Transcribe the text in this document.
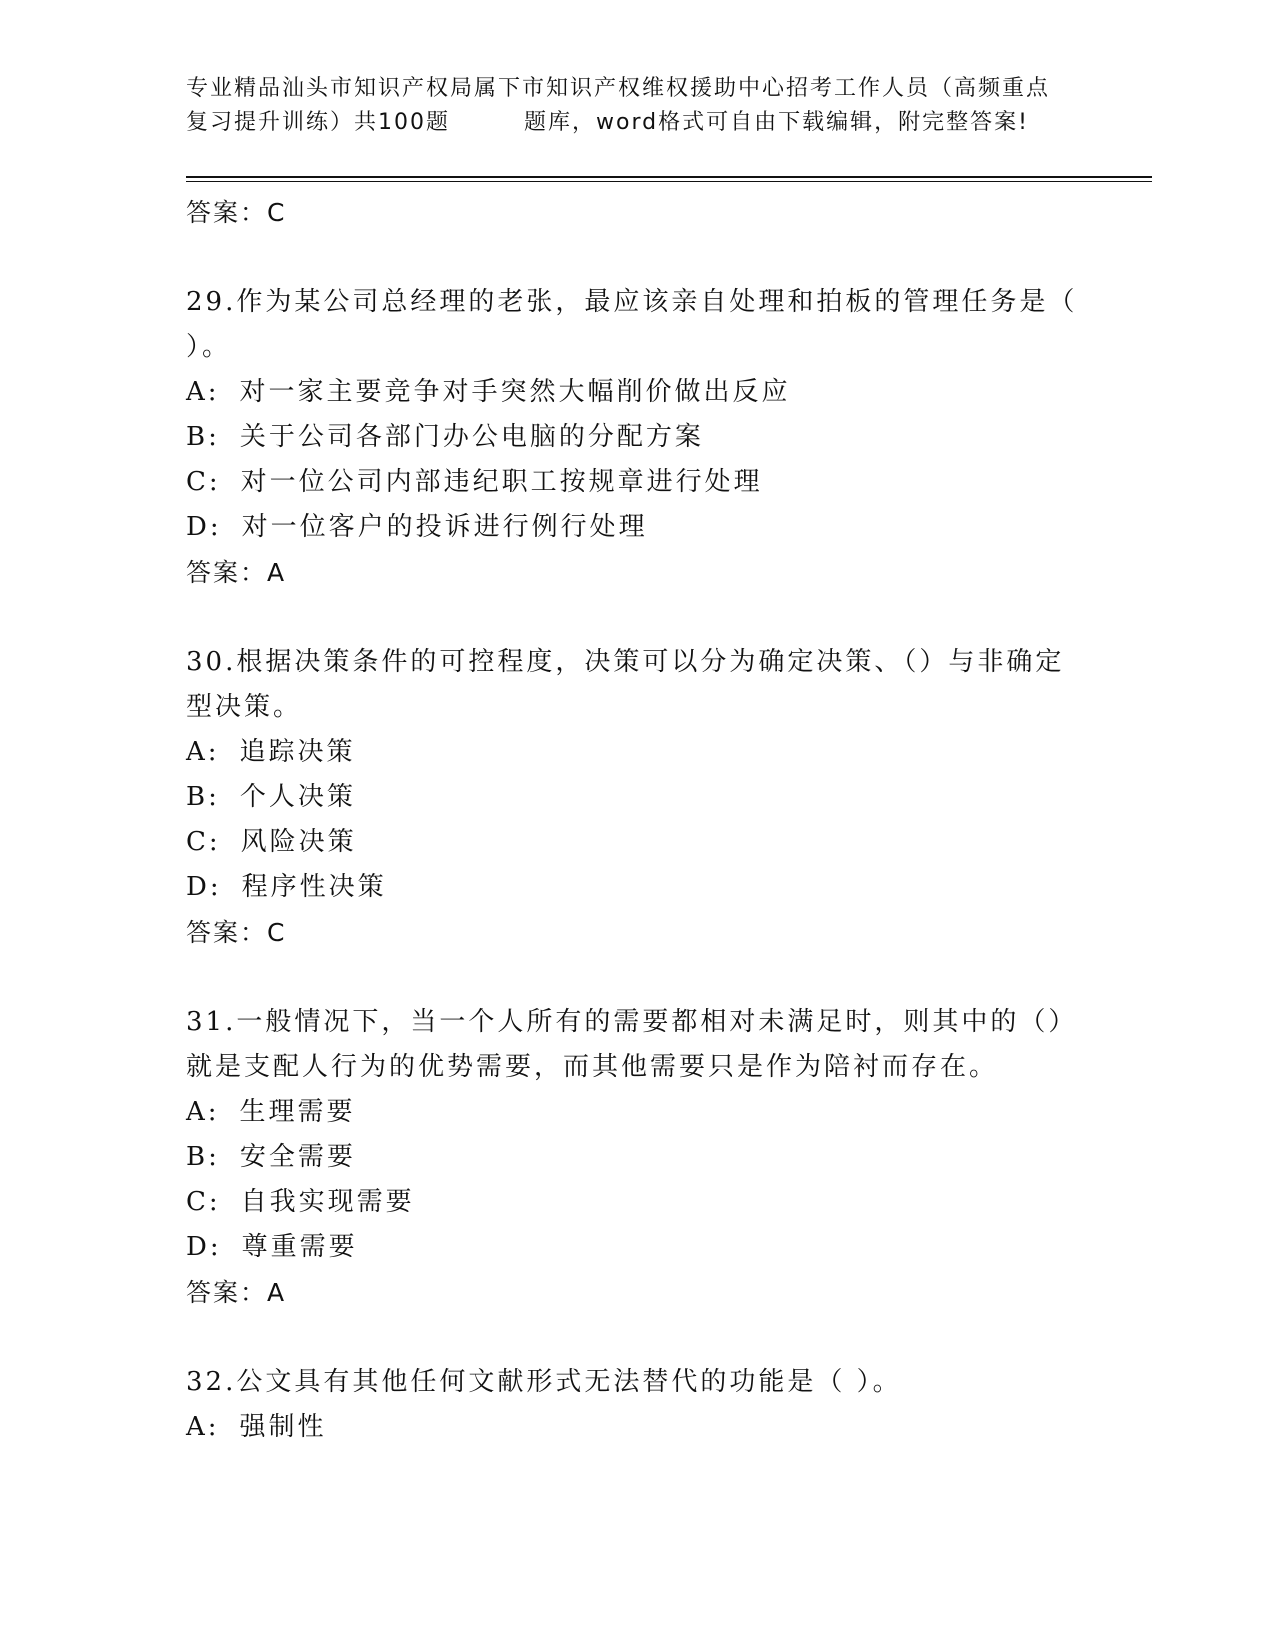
专业精品汕头市知识产权局属下市知识产权维权援助中心招考工作人员（高频重点
复习提升训练）共100题	题库，word格式可自由下载编辑，附完整答案!
答案：C

29.作为某公司总经理的老张，最应该亲自处理和拍板的管理任务是（ ）。

A: 对一家主要竞争对手突然大幅削价做出反应
B: 关于公司各部门办公电脑的分配方案
C: 对一位公司内部违纪职工按规章进行处理
D: 对一位客户的投诉进行例行处理
答案：A

30.根据决策条件的可控程度，决策可以分为确定决策、（）与非确定型决策。

A: 追踪决策
B: 个人决策
C: 风险决策
D: 程序性决策
答案：C

31.一般情况下，当一个人所有的需要都相对未满足时，则其中的（）就是支配人行为的优势需要，而其他需要只是作为陪衬而存在。

A: 生理需要
B: 安全需要
C: 自我实现需要
D: 尊重需要
答案：A

32.公文具有其他任何文献形式无法替代的功能是（ ）。

A: 强制性
